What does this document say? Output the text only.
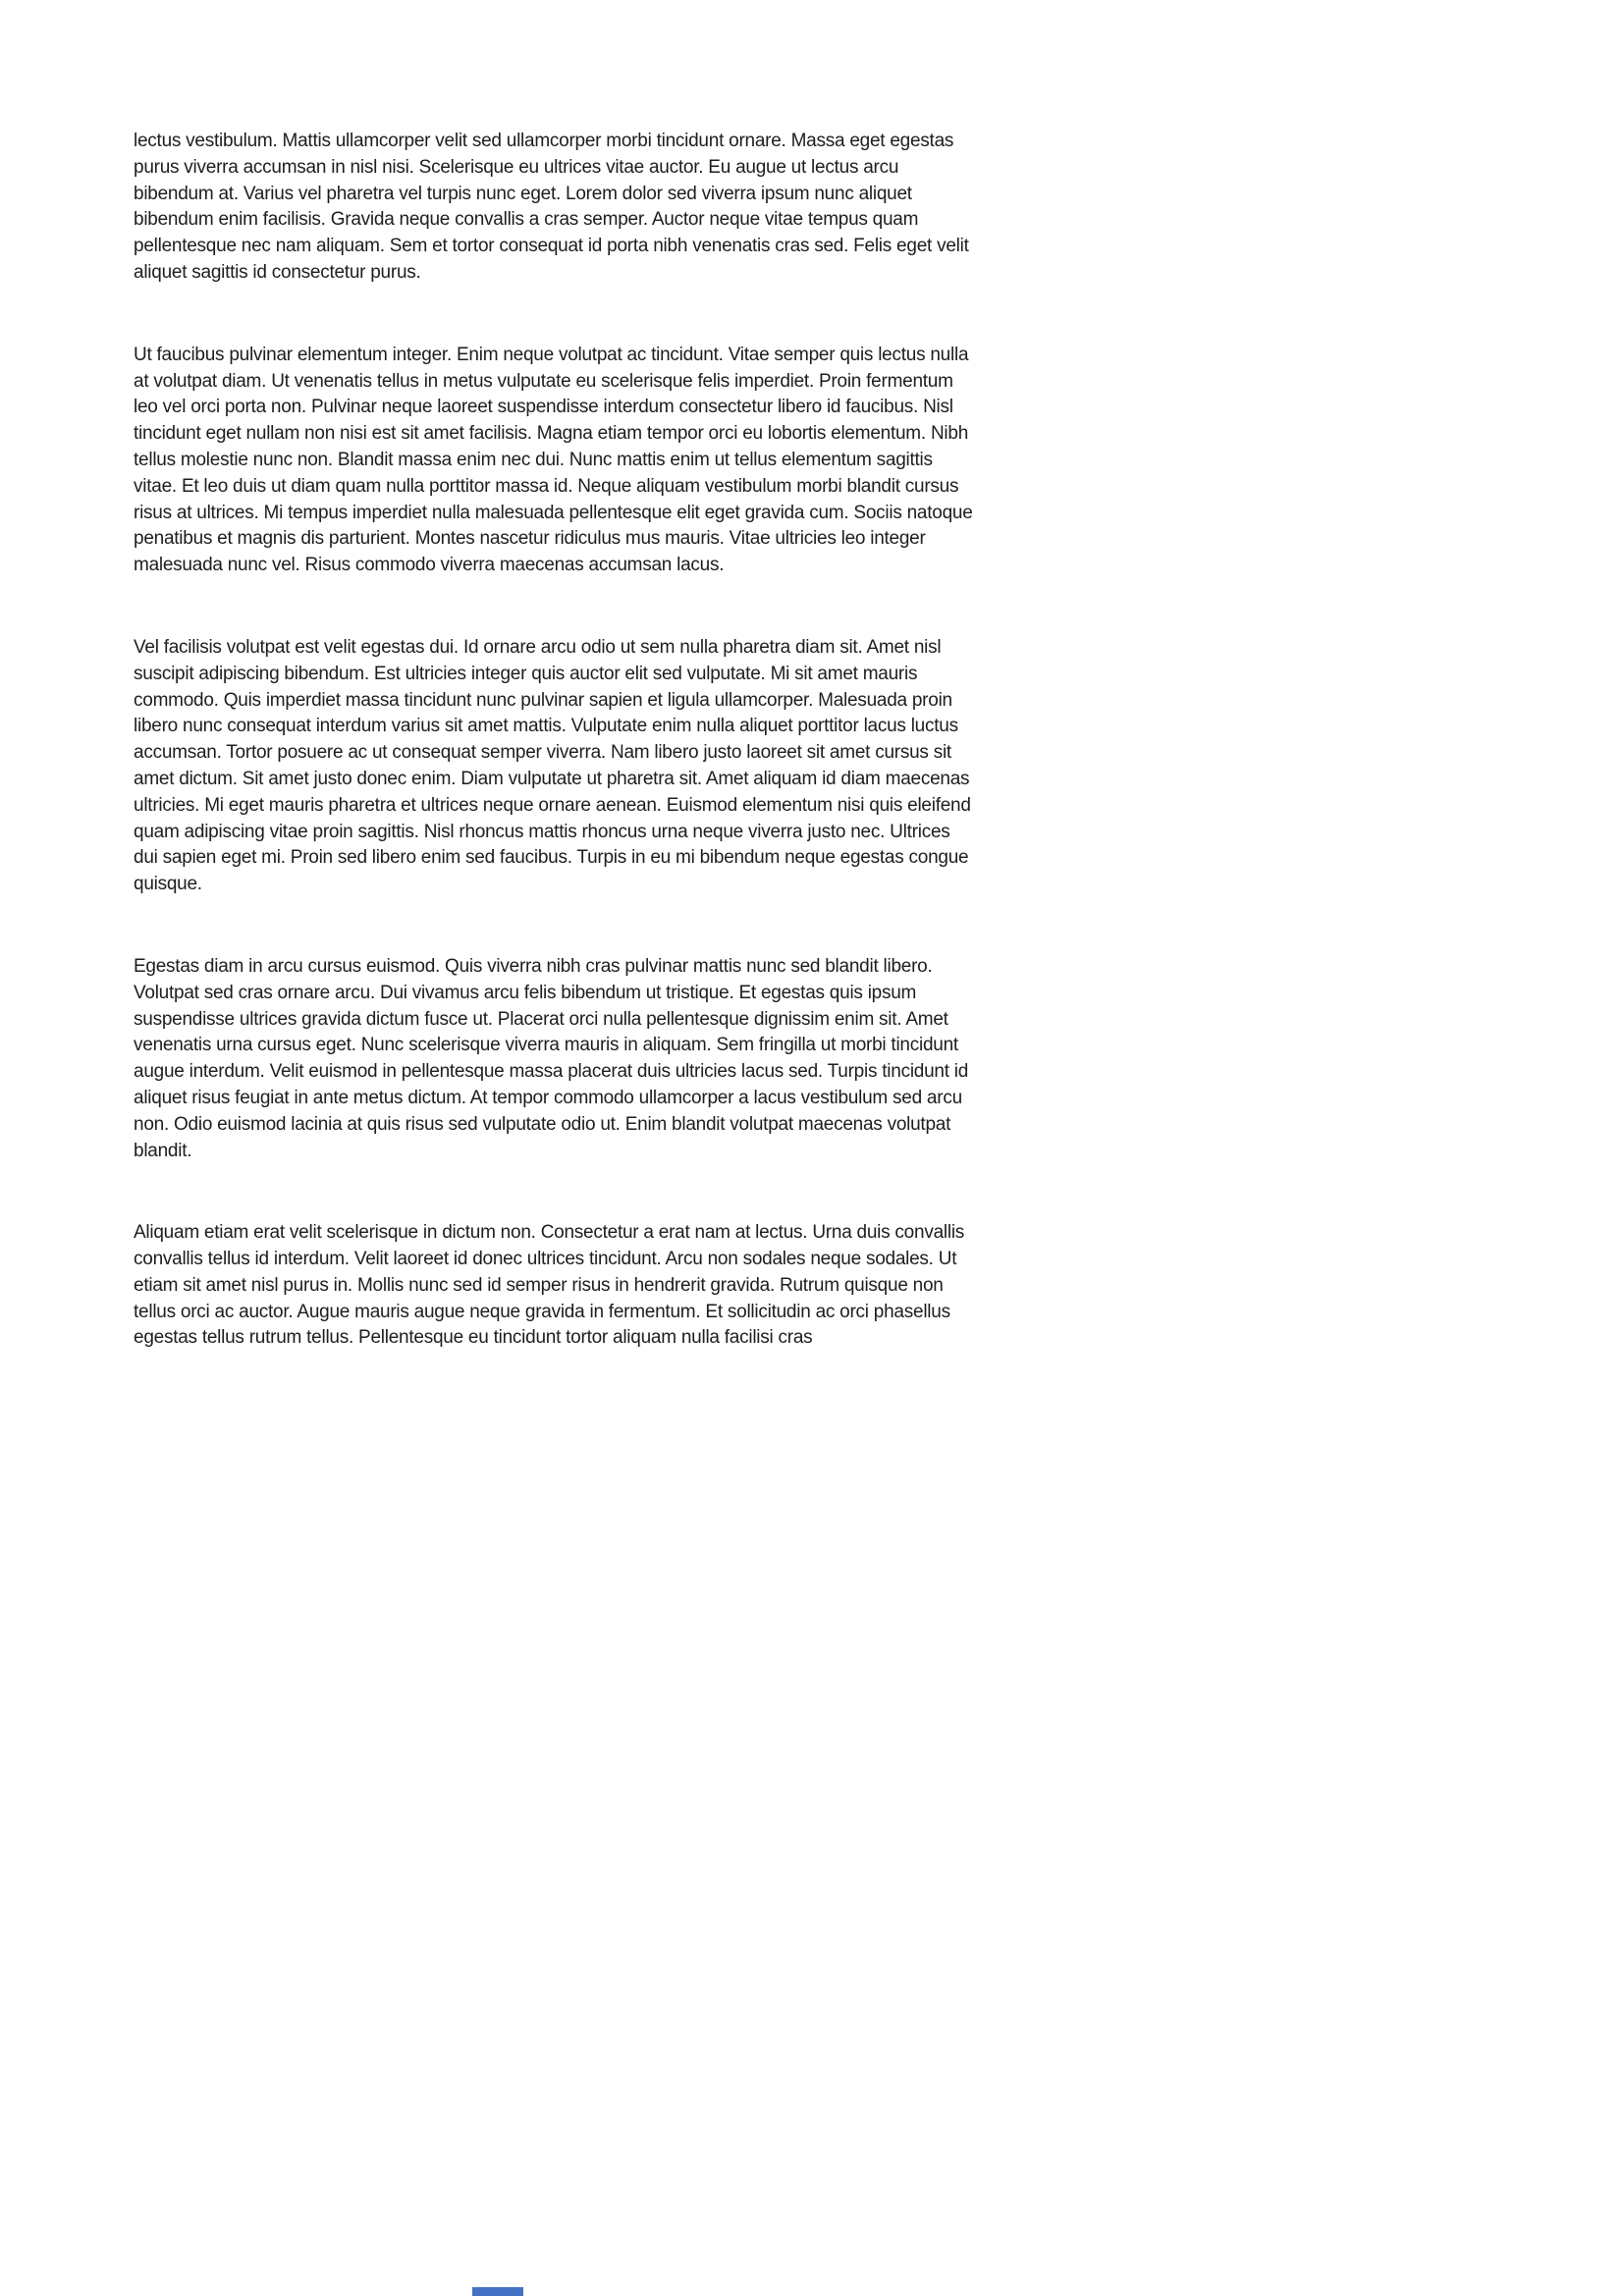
lectus vestibulum. Mattis ullamcorper velit sed ullamcorper morbi tincidunt ornare. Massa eget egestas purus viverra accumsan in nisl nisi. Scelerisque eu ultrices vitae auctor. Eu augue ut lectus arcu bibendum at. Varius vel pharetra vel turpis nunc eget. Lorem dolor sed viverra ipsum nunc aliquet bibendum enim facilisis. Gravida neque convallis a cras semper. Auctor neque vitae tempus quam pellentesque nec nam aliquam. Sem et tortor consequat id porta nibh venenatis cras sed. Felis eget velit aliquet sagittis id consectetur purus.

Ut faucibus pulvinar elementum integer. Enim neque volutpat ac tincidunt. Vitae semper quis lectus nulla at volutpat diam. Ut venenatis tellus in metus vulputate eu scelerisque felis imperdiet. Proin fermentum leo vel orci porta non. Pulvinar neque laoreet suspendisse interdum consectetur libero id faucibus. Nisl tincidunt eget nullam non nisi est sit amet facilisis. Magna etiam tempor orci eu lobortis elementum. Nibh tellus molestie nunc non. Blandit massa enim nec dui. Nunc mattis enim ut tellus elementum sagittis vitae. Et leo duis ut diam quam nulla porttitor massa id. Neque aliquam vestibulum morbi blandit cursus risus at ultrices. Mi tempus imperdiet nulla malesuada pellentesque elit eget gravida cum. Sociis natoque penatibus et magnis dis parturient. Montes nascetur ridiculus mus mauris. Vitae ultricies leo integer malesuada nunc vel. Risus commodo viverra maecenas accumsan lacus.

Vel facilisis volutpat est velit egestas dui. Id ornare arcu odio ut sem nulla pharetra diam sit. Amet nisl suscipit adipiscing bibendum. Est ultricies integer quis auctor elit sed vulputate. Mi sit amet mauris commodo. Quis imperdiet massa tincidunt nunc pulvinar sapien et ligula ullamcorper. Malesuada proin libero nunc consequat interdum varius sit amet mattis. Vulputate enim nulla aliquet porttitor lacus luctus accumsan. Tortor posuere ac ut consequat semper viverra. Nam libero justo laoreet sit amet cursus sit amet dictum. Sit amet justo donec enim. Diam vulputate ut pharetra sit. Amet aliquam id diam maecenas ultricies. Mi eget mauris pharetra et ultrices neque ornare aenean. Euismod elementum nisi quis eleifend quam adipiscing vitae proin sagittis. Nisl rhoncus mattis rhoncus urna neque viverra justo nec. Ultrices dui sapien eget mi. Proin sed libero enim sed faucibus. Turpis in eu mi bibendum neque egestas congue quisque.

Egestas diam in arcu cursus euismod. Quis viverra nibh cras pulvinar mattis nunc sed blandit libero. Volutpat sed cras ornare arcu. Dui vivamus arcu felis bibendum ut tristique. Et egestas quis ipsum suspendisse ultrices gravida dictum fusce ut. Placerat orci nulla pellentesque dignissim enim sit. Amet venenatis urna cursus eget. Nunc scelerisque viverra mauris in aliquam. Sem fringilla ut morbi tincidunt augue interdum. Velit euismod in pellentesque massa placerat duis ultricies lacus sed. Turpis tincidunt id aliquet risus feugiat in ante metus dictum. At tempor commodo ullamcorper a lacus vestibulum sed arcu non. Odio euismod lacinia at quis risus sed vulputate odio ut. Enim blandit volutpat maecenas volutpat blandit.

Aliquam etiam erat velit scelerisque in dictum non. Consectetur a erat nam at lectus. Urna duis convallis convallis tellus id interdum. Velit laoreet id donec ultrices tincidunt. Arcu non sodales neque sodales. Ut etiam sit amet nisl purus in. Mollis nunc sed id semper risus in hendrerit gravida. Rutrum quisque non tellus orci ac auctor. Augue mauris augue neque gravida in fermentum. Et sollicitudin ac orci phasellus egestas tellus rutrum tellus. Pellentesque eu tincidunt tortor aliquam nulla facilisi cras
